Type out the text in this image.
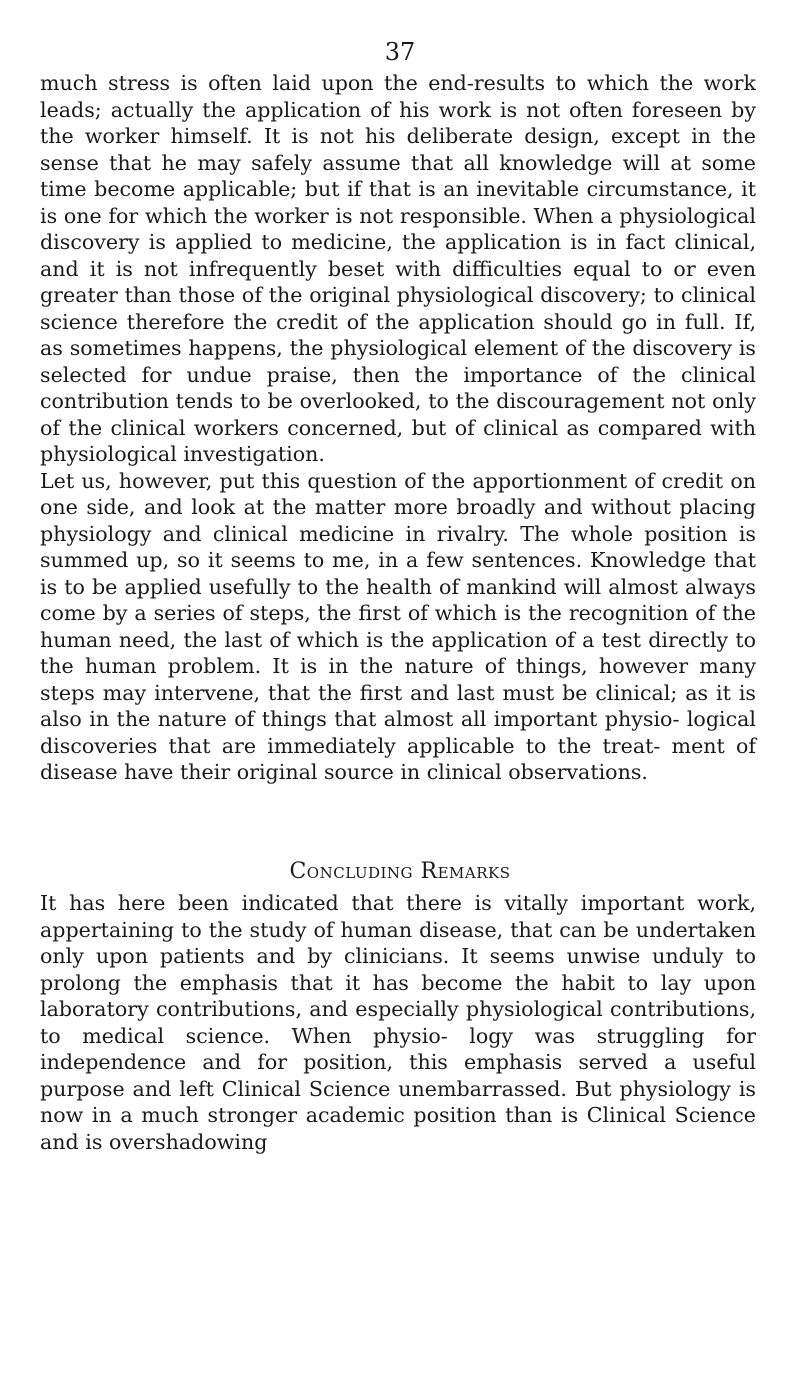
37

much stress is often laid upon the end-results to which the work leads; actually the application of his work is not often foreseen by the worker himself. It is not his deliberate design, except in the sense that he may safely assume that all knowledge will at some time become applicable; but if that is an inevitable circumstance, it is one for which the worker is not responsible. When a physiological discovery is applied to medicine, the application is in fact clinical, and it is not infrequently beset with difficulties equal to or even greater than those of the original physiological discovery; to clinical science therefore the credit of the application should go in full. If, as sometimes happens, the physiological element of the discovery is selected for undue praise, then the importance of the clinical contribution tends to be overlooked, to the discouragement not only of the clinical workers concerned, but of clinical as compared with physiological investigation.

Let us, however, put this question of the apportionment of credit on one side, and look at the matter more broadly and without placing physiology and clinical medicine in rivalry. The whole position is summed up, so it seems to me, in a few sentences. Knowledge that is to be applied usefully to the health of mankind will almost always come by a series of steps, the first of which is the recognition of the human need, the last of which is the application of a test directly to the human problem. It is in the nature of things, however many steps may intervene, that the first and last must be clinical; as it is also in the nature of things that almost all important physio- logical discoveries that are immediately applicable to the treat- ment of disease have their original source in clinical observations.

Concluding Remarks

It has here been indicated that there is vitally important work, appertaining to the study of human disease, that can be undertaken only upon patients and by clinicians. It seems unwise unduly to prolong the emphasis that it has become the habit to lay upon laboratory contributions, and especially physiological contributions, to medical science. When physio- logy was struggling for independence and for position, this emphasis served a useful purpose and left Clinical Science unembarrassed. But physiology is now in a much stronger academic position than is Clinical Science and is overshadowing
